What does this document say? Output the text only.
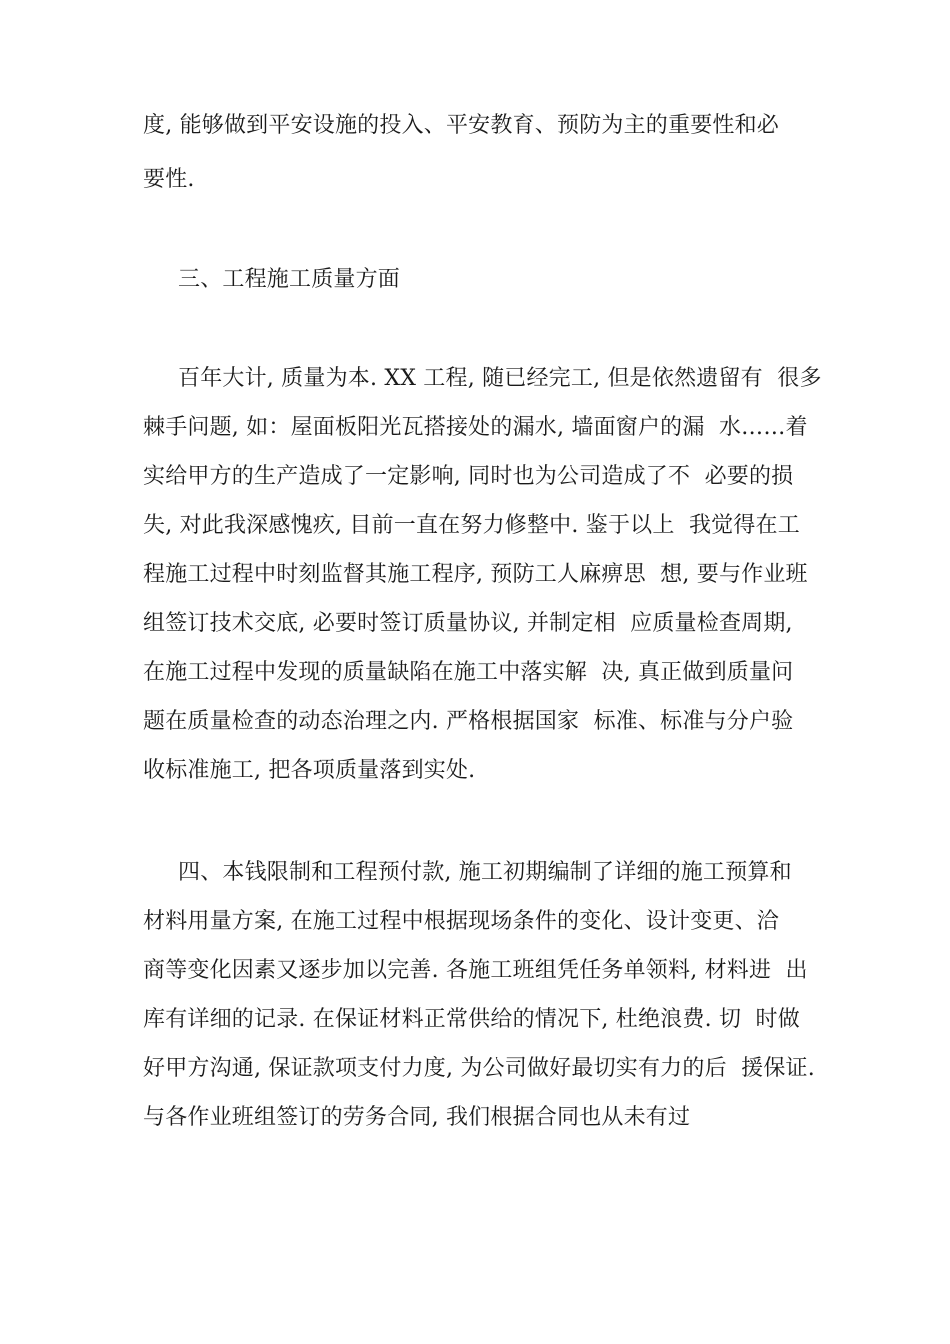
度, 能够做到平安设施的投入、平安教育、预防为主的重要性和必
要性.
三、工程施工质量方面
百年大计, 质量为本. XX 工程, 随已经完工, 但是依然遗留有  很多
棘手问题, 如：屋面板阳光瓦搭接处的漏水, 墙面窗户的漏  水……着
实给甲方的生产造成了一定影响, 同时也为公司造成了不  必要的损
失, 对此我深感愧疚, 目前一直在努力修整中. 鉴于以上  我觉得在工
程施工过程中时刻监督其施工程序, 预防工人麻痹思  想, 要与作业班
组签订技术交底, 必要时签订质量协议, 并制定相  应质量检查周期,
在施工过程中发现的质量缺陷在施工中落实解  决, 真正做到质量问
题在质量检查的动态治理之内. 严格根据国家  标准、标准与分户验
收标准施工, 把各项质量落到实处.
四、本钱限制和工程预付款, 施工初期编制了详细的施工预算和
材料用量方案, 在施工过程中根据现场条件的变化、设计变更、洽
商等变化因素又逐步加以完善. 各施工班组凭任务单领料, 材料进  出
库有详细的记录. 在保证材料正常供给的情况下, 杜绝浪费. 切  时做
好甲方沟通, 保证款项支付力度, 为公司做好最切实有力的后  援保证.
与各作业班组签订的劳务合同, 我们根据合同也从未有过
